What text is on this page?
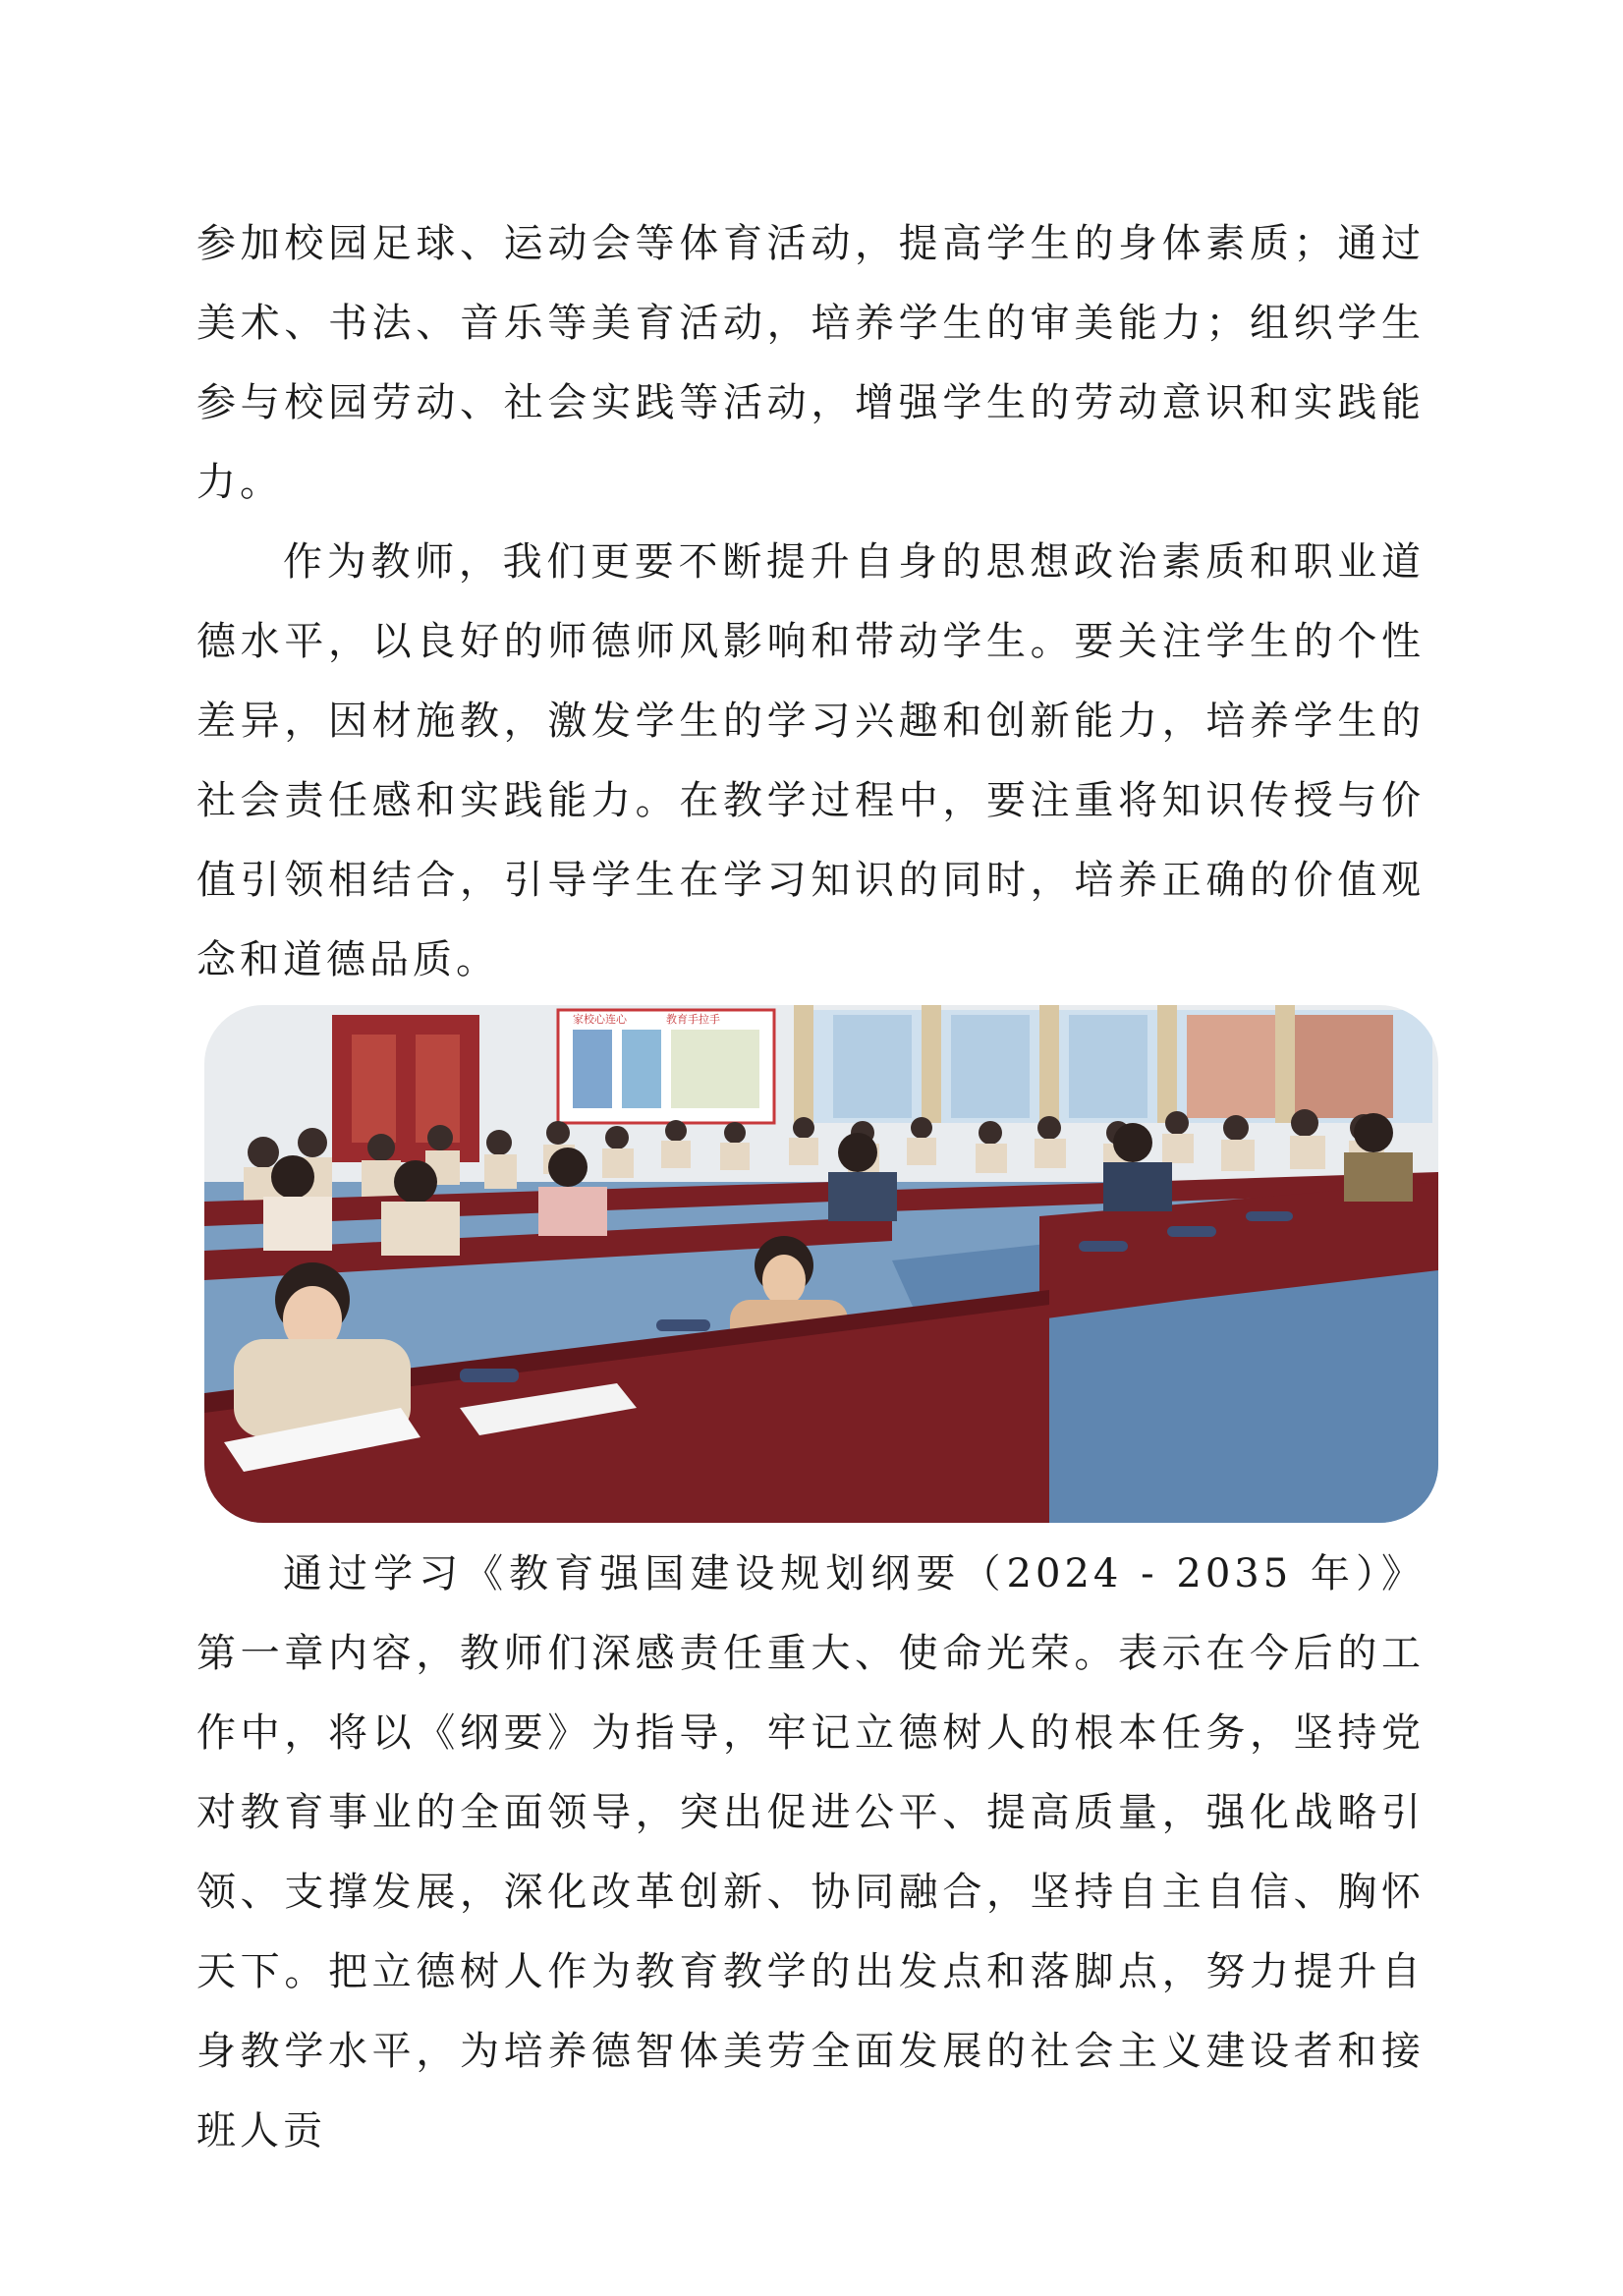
参加校园足球、运动会等体育活动，提高学生的身体素质；通过美术、书法、音乐等美育活动，培养学生的审美能力；组织学生参与校园劳动、社会实践等活动，增强学生的劳动意识和实践能力。

作为教师，我们更要不断提升自身的思想政治素质和职业道德水平，以良好的师德师风影响和带动学生。要关注学生的个性差异，因材施教，激发学生的学习兴趣和创新能力，培养学生的社会责任感和实践能力。在教学过程中，要注重将知识传授与价值引领相结合，引导学生在学习知识的同时，培养正确的价值观念和道德品质。

家校心连心	教育手拉手

通过学习《教育强国建设规划纲要（2024 - 2035 年）》第一章内容，教师们深感责任重大、使命光荣。表示在今后的工作中，将以《纲要》为指导，牢记立德树人的根本任务，坚持党对教育事业的全面领导，突出促进公平、提高质量，强化战略引领、支撑发展，深化改革创新、协同融合，坚持自主自信、胸怀天下。把立德树人作为教育教学的出发点和落脚点，努力提升自身教学水平，为培养德智体美劳全面发展的社会主义建设者和接班人贡
